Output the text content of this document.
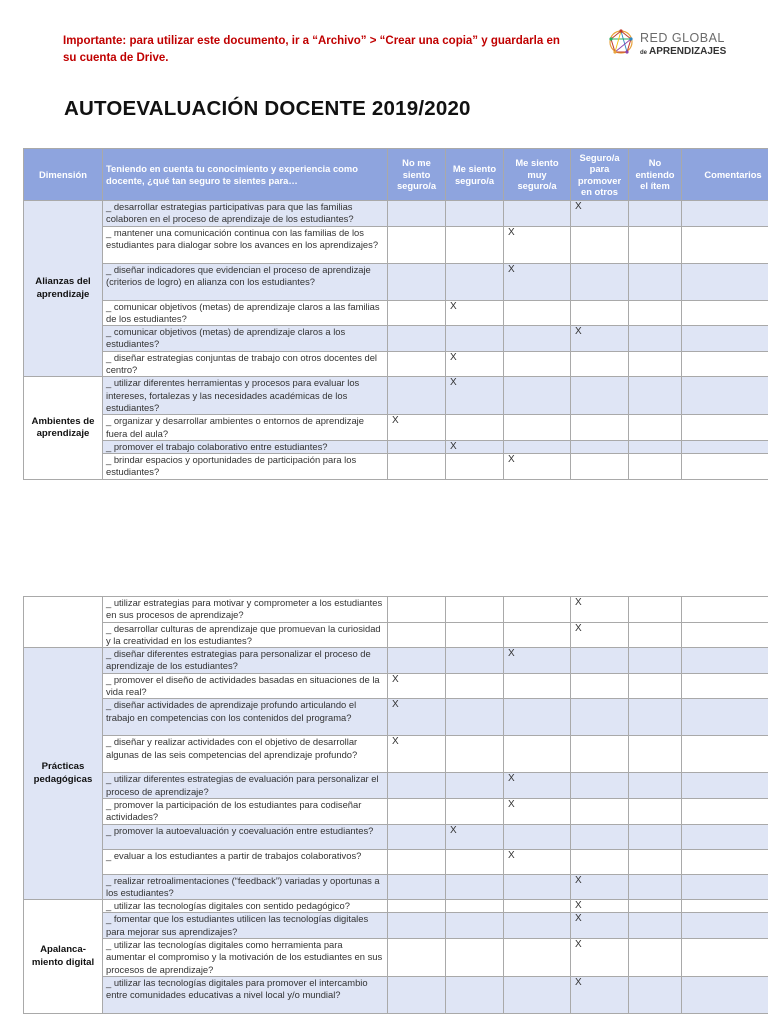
Importante: para utilizar este documento, ir a “Archivo” > “Crear una copia” y guardarla en su cuenta de Drive.
RED GLOBAL
de APRENDIZAJES
AUTOEVALUACIÓN DOCENTE 2019/2020
Dimensión	Teniendo en cuenta tu conocimiento y experiencia como docente, ¿qué tan seguro te sientes para…	No me siento seguro/a	Me siento seguro/a	Me siento muy seguro/a	Seguro/a para promover en otros	No entiendo el ítem	Comentarios
Alianzas del aprendizaje	_ desarrollar estrategias participativas para que las familias colaboren en el proceso de aprendizaje de los estudiantes?				X		
	_ mantener una comunicación continua con las familias de los estudiantes para dialogar sobre los avances en los aprendizajes?			X			
	_ diseñar indicadores que evidencian el proceso de aprendizaje (criterios de logro) en alianza con los estudiantes?			X			
	_ comunicar objetivos (metas) de aprendizaje claros a las familias de los estudiantes?		X				
	_ comunicar objetivos (metas) de aprendizaje claros a los estudiantes?				X		
	_ diseñar estrategias conjuntas de trabajo con otros docentes del centro?		X				
Ambientes de aprendizaje	_ utilizar diferentes herramientas y procesos para evaluar los intereses, fortalezas y las necesidades académicas de los estudiantes?		X				
	_ organizar y desarrollar ambientes o entornos de aprendizaje fuera del aula?	X					
	_ promover el trabajo colaborativo entre estudiantes?		X				
	_ brindar espacios y oportunidades de participación para los estudiantes?			X			
	_ utilizar estrategias para motivar y comprometer a los estudiantes en sus procesos de aprendizaje?				X		
	_ desarrollar culturas de aprendizaje que promuevan la curiosidad y la creatividad en los estudiantes?				X		
Prácticas pedagógicas	_ diseñar diferentes estrategias para personalizar el proceso de aprendizaje de los estudiantes?			X			
	_ promover el diseño de actividades basadas en situaciones de la vida real?	X					
	_ diseñar actividades de aprendizaje profundo articulando el trabajo en competencias con los contenidos del programa?	X					
	_ diseñar y realizar actividades con el objetivo de desarrollar algunas de las seis competencias del aprendizaje profundo?	X					
	_ utilizar diferentes estrategias de evaluación para personalizar el proceso de aprendizaje?			X			
	_ promover la participación de los estudiantes para codiseñar actividades?			X			
	_ promover la autoevaluación y coevaluación entre estudiantes?		X				
	_ evaluar a los estudiantes a partir de trabajos colaborativos?			X			
	_ realizar retroalimentaciones (“feedback”) variadas y oportunas a los estudiantes?				X		
Apalanca-miento digital	_ utilizar las tecnologías digitales con sentido pedagógico?				X		
	_ fomentar que los estudiantes utilicen las tecnologías digitales para mejorar sus aprendizajes?				X		
	_ utilizar las tecnologías digitales como herramienta para aumentar el compromiso y la motivación de los estudiantes en sus procesos de aprendizaje?				X		
	_ utilizar las tecnologías digitales para promover el intercambio entre comunidades educativas a nivel local y/o mundial?				X		
